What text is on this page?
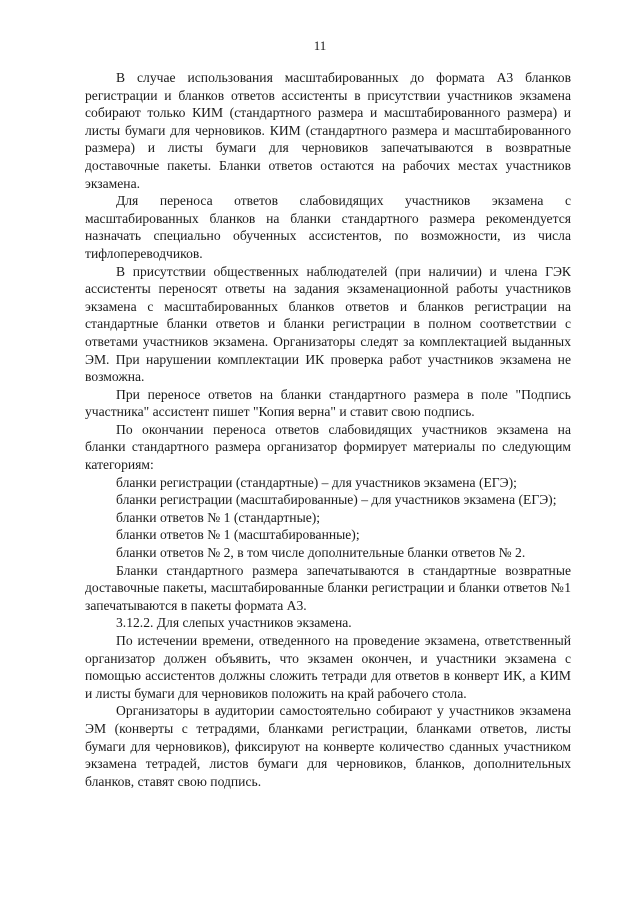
11

В случае использования масштабированных до формата А3 бланков регистрации и бланков ответов ассистенты в присутствии участников экзамена собирают только КИМ (стандартного размера и масштабированного размера) и листы бумаги для черновиков. КИМ (стандартного размера и масштабированного размера) и листы бумаги для черновиков запечатываются в возвратные доставочные пакеты. Бланки ответов остаются на рабочих местах участников экзамена.

Для переноса ответов слабовидящих участников экзамена с масштабированных бланков на бланки стандартного размера рекомендуется назначать специально обученных ассистентов, по возможности, из числа тифлопереводчиков.

В присутствии общественных наблюдателей (при наличии) и члена ГЭК ассистенты переносят ответы на задания экзаменационной работы участников экзамена с масштабированных бланков ответов и бланков регистрации на стандартные бланки ответов и бланки регистрации в полном соответствии с ответами участников экзамена. Организаторы следят за комплектацией выданных ЭМ. При нарушении комплектации ИК проверка работ участников экзамена не возможна.

При переносе ответов на бланки стандартного размера в поле "Подпись участника" ассистент пишет "Копия верна" и ставит свою подпись.

По окончании переноса ответов слабовидящих участников экзамена на бланки стандартного размера организатор формирует материалы по следующим категориям:

бланки регистрации (стандартные) – для участников экзамена (ЕГЭ);

бланки регистрации (масштабированные) – для участников экзамена (ЕГЭ);

бланки ответов № 1 (стандартные);

бланки ответов № 1 (масштабированные);

бланки ответов № 2, в том числе дополнительные бланки ответов № 2.

Бланки стандартного размера запечатываются в стандартные возвратные доставочные пакеты, масштабированные бланки регистрации и бланки ответов №1 запечатываются в пакеты формата А3.

3.12.2. Для слепых участников экзамена.

По истечении времени, отведенного на проведение экзамена, ответственный организатор должен объявить, что экзамен окончен, и участники экзамена с помощью ассистентов должны сложить тетради для ответов в конверт ИК, а КИМ и листы бумаги для черновиков положить на край рабочего стола.

Организаторы в аудитории самостоятельно собирают у участников экзамена ЭМ (конверты с тетрадями, бланками регистрации, бланками ответов, листы бумаги для черновиков), фиксируют на конверте количество сданных участником экзамена тетрадей, листов бумаги для черновиков, бланков, дополнительных бланков, ставят свою подпись.
